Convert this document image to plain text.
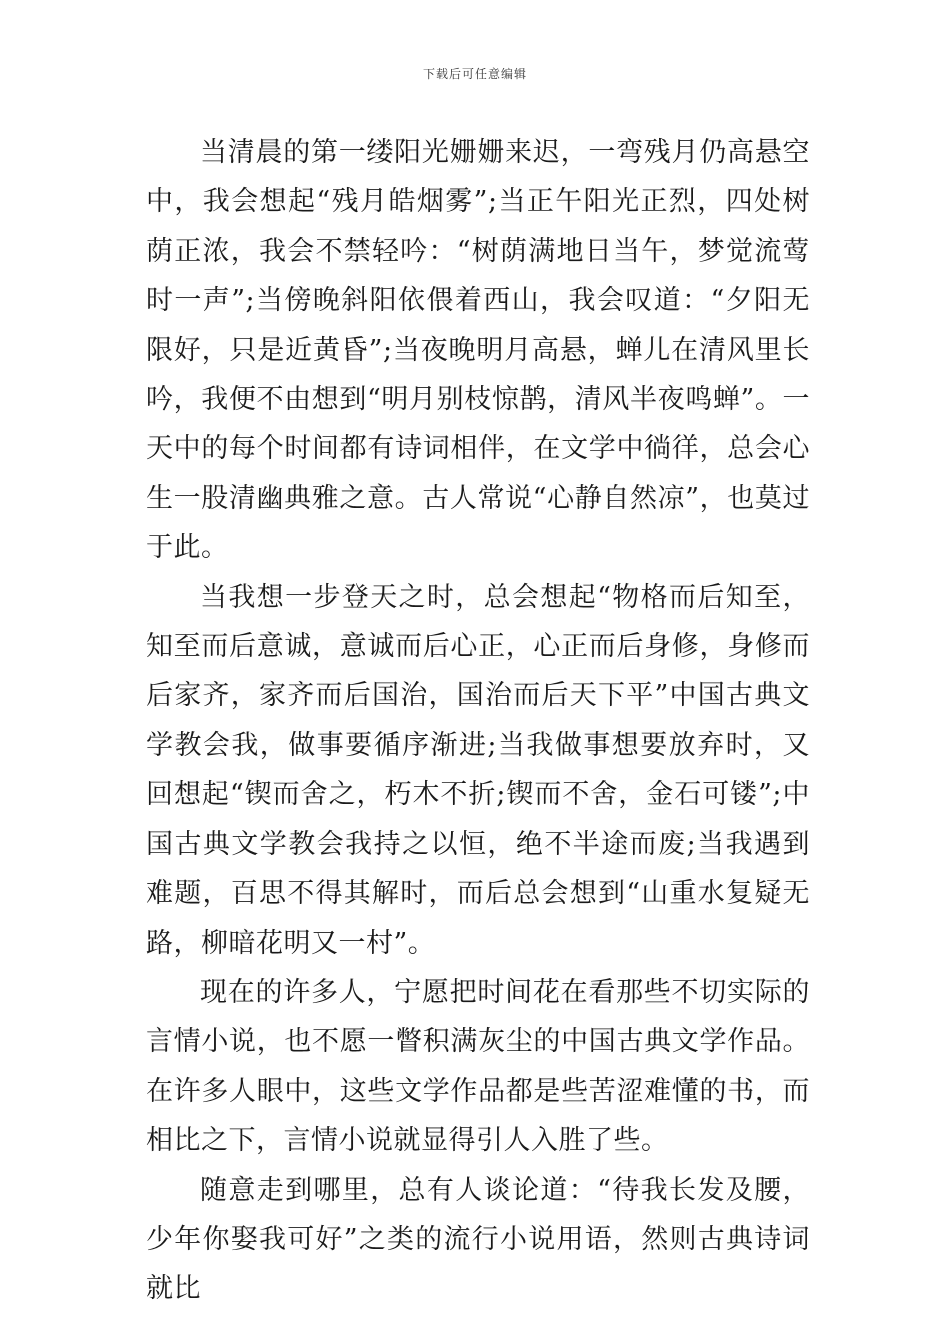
下载后可任意编辑

当清晨的第一缕阳光姗姗来迟，一弯残月仍高悬空中，我会想起“残月皓烟雾”;当正午阳光正烈，四处树荫正浓，我会不禁轻吟：“树荫满地日当午，梦觉流莺时一声”;当傍晚斜阳依偎着西山，我会叹道：“夕阳无限好，只是近黄昏”;当夜晚明月高悬，蝉儿在清风里长吟，我便不由想到“明月别枝惊鹊，清风半夜鸣蝉”。一天中的每个时间都有诗词相伴，在文学中徜徉，总会心生一股清幽典雅之意。古人常说“心静自然凉”，也莫过于此。

当我想一步登天之时，总会想起“物格而后知至，知至而后意诚，意诚而后心正，心正而后身修，身修而后家齐，家齐而后国治，国治而后天下平”中国古典文学教会我，做事要循序渐进;当我做事想要放弃时，又回想起“锲而舍之，朽木不折;锲而不舍，金石可镂”;中国古典文学教会我持之以恒，绝不半途而废;当我遇到难题，百思不得其解时，而后总会想到“山重水复疑无路，柳暗花明又一村”。

现在的许多人，宁愿把时间花在看那些不切实际的言情小说，也不愿一瞥积满灰尘的中国古典文学作品。在许多人眼中，这些文学作品都是些苦涩难懂的书，而相比之下，言情小说就显得引人入胜了些。

随意走到哪里，总有人谈论道：“待我长发及腰，少年你娶我可好”之类的流行小说用语，然则古典诗词就比
